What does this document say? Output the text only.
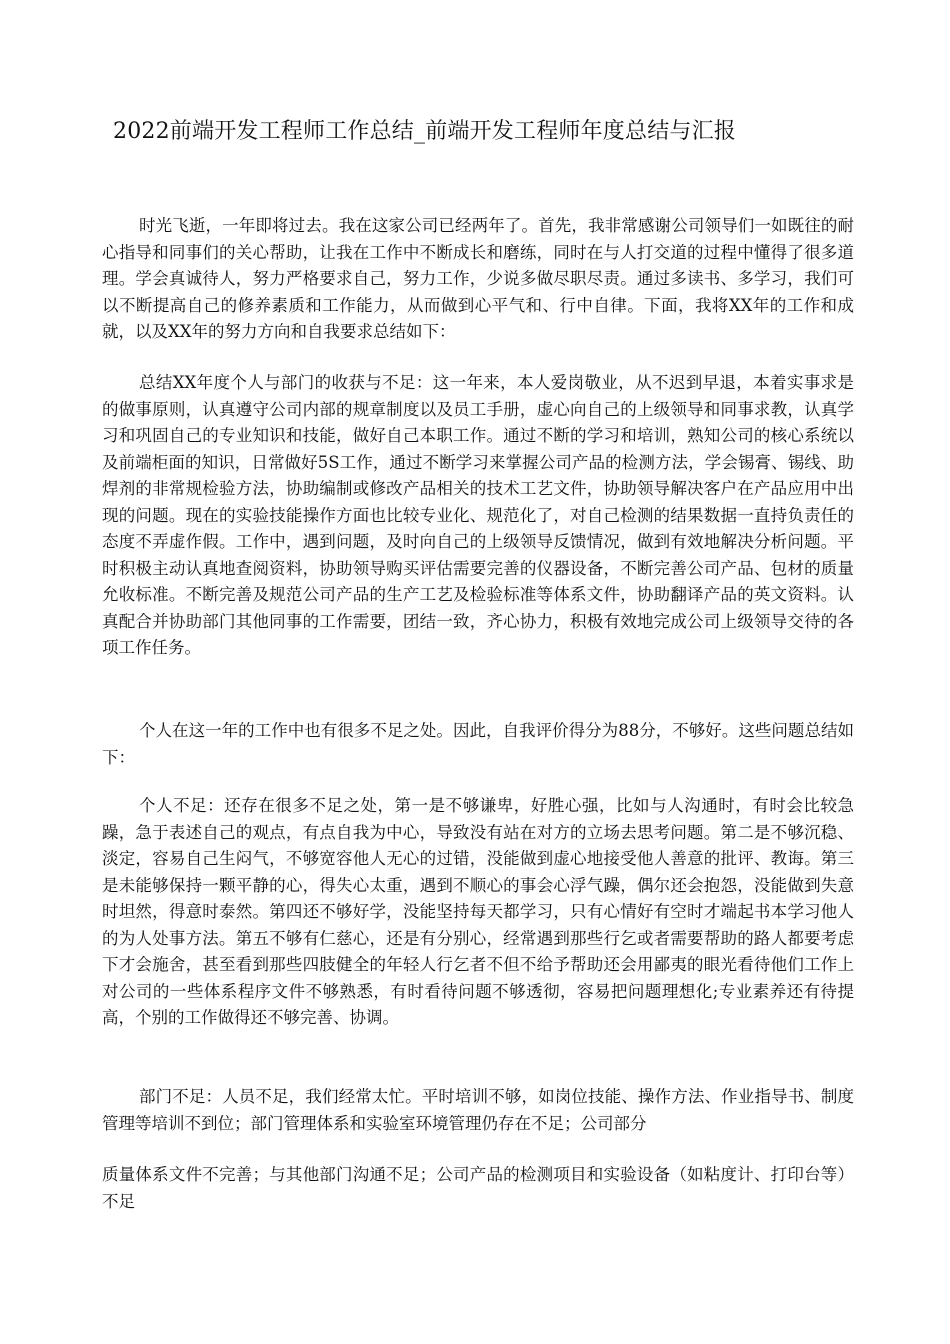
2022前端开发工程师工作总结_前端开发工程师年度总结与汇报

时光飞逝，一年即将过去。我在这家公司已经两年了。首先，我非常感谢公司领导们一如既往的耐心指导和同事们的关心帮助，让我在工作中不断成长和磨练，同时在与人打交道的过程中懂得了很多道理。学会真诚待人，努力严格要求自己，努力工作，少说多做尽职尽责。通过多读书、多学习，我们可以不断提高自己的修养素质和工作能力，从而做到心平气和、行中自律。下面，我将XX年的工作和成就，以及XX年的努力方向和自我要求总结如下：

总结XX年度个人与部门的收获与不足：这一年来，本人爱岗敬业，从不迟到早退，本着实事求是的做事原则，认真遵守公司内部的规章制度以及员工手册，虚心向自己的上级领导和同事求教，认真学习和巩固自己的专业知识和技能，做好自己本职工作。通过不断的学习和培训，熟知公司的核心系统以及前端柜面的知识，日常做好5S工作，通过不断学习来掌握公司产品的检测方法，学会锡膏、锡线、助焊剂的非常规检验方法，协助编制或修改产品相关的技术工艺文件，协助领导解决客户在产品应用中出现的问题。现在的实验技能操作方面也比较专业化、规范化了，对自己检测的结果数据一直持负责任的态度不弄虚作假。工作中，遇到问题，及时向自己的上级领导反馈情况，做到有效地解决分析问题。平时积极主动认真地查阅资料，协助领导购买评估需要完善的仪器设备，不断完善公司产品、包材的质量允收标准。不断完善及规范公司产品的生产工艺及检验标准等体系文件，协助翻译产品的英文资料。认真配合并协助部门其他同事的工作需要，团结一致，齐心协力，积极有效地完成公司上级领导交待的各项工作任务。

个人在这一年的工作中也有很多不足之处。因此，自我评价得分为88分，不够好。这些问题总结如下：

个人不足：还存在很多不足之处，第一是不够谦卑，好胜心强，比如与人沟通时，有时会比较急躁，急于表述自己的观点，有点自我为中心，导致没有站在对方的立场去思考问题。第二是不够沉稳、淡定，容易自己生闷气，不够宽容他人无心的过错，没能做到虚心地接受他人善意的批评、教诲。第三是未能够保持一颗平静的心，得失心太重，遇到不顺心的事会心浮气躁，偶尔还会抱怨，没能做到失意时坦然，得意时泰然。第四还不够好学，没能坚持每天都学习，只有心情好有空时才端起书本学习他人的为人处事方法。第五不够有仁慈心，还是有分别心，经常遇到那些行乞或者需要帮助的路人都要考虑下才会施舍，甚至看到那些四肢健全的年轻人行乞者不但不给予帮助还会用鄙夷的眼光看待他们工作上对公司的一些体系程序文件不够熟悉，有时看待问题不够透彻，容易把问题理想化;专业素养还有待提高，个别的工作做得还不够完善、协调。

部门不足：人员不足，我们经常太忙。平时培训不够，如岗位技能、操作方法、作业指导书、制度管理等培训不到位；部门管理体系和实验室环境管理仍存在不足；公司部分

质量体系文件不完善；与其他部门沟通不足；公司产品的检测项目和实验设备（如粘度计、打印台等）不足
